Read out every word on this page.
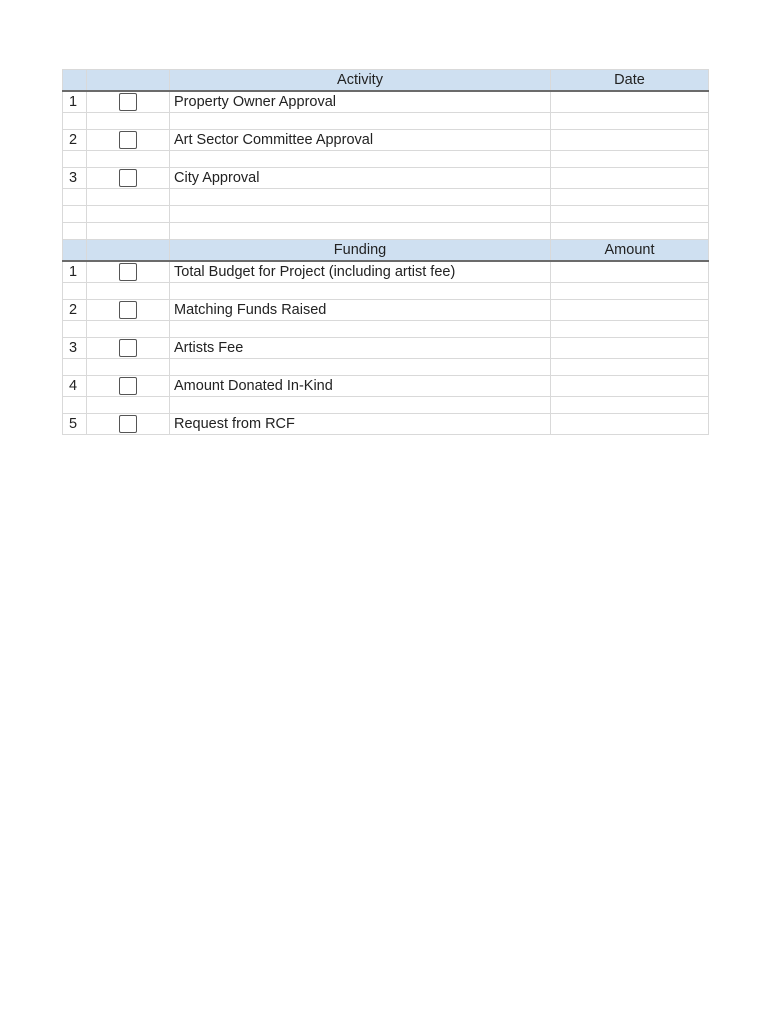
		Activity	Date
1		Property Owner Approval	

2		Art Sector Committee Approval	

3		City Approval	

		Funding	Amount
1		Total Budget for Project (including artist fee)	

2		Matching Funds Raised	

3		Artists Fee	

4		Amount Donated In-Kind	

5		Request from RCF	
